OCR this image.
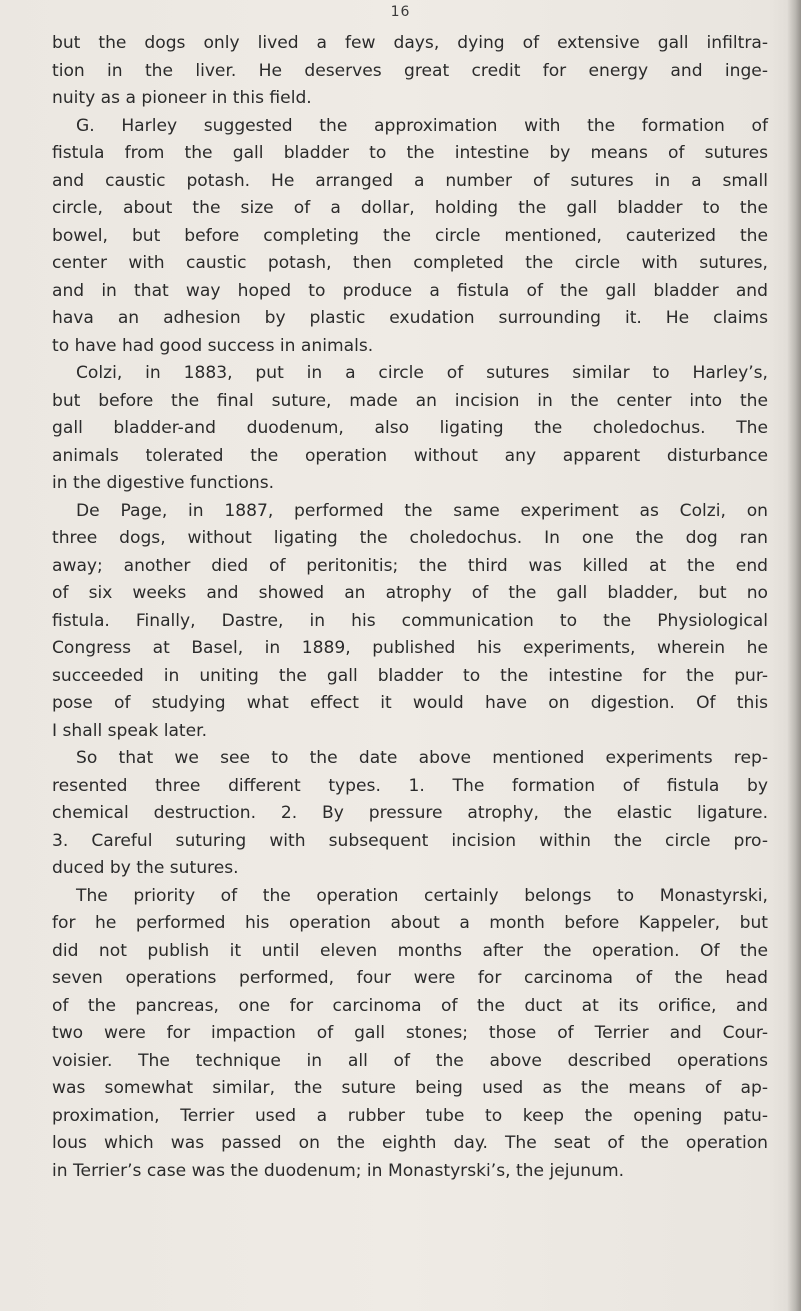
16
but the dogs only lived a few days, dying of extensive gall infiltra-
tion in the liver. He deserves great credit for energy and inge-
nuity as a pioneer in this field.
G. Harley suggested the approximation with the formation of
fistula from the gall bladder to the intestine by means of sutures
and caustic potash. He arranged a number of sutures in a small
circle, about the size of a dollar, holding the gall bladder to the
bowel, but before completing the circle mentioned, cauterized the
center with caustic potash, then completed the circle with sutures,
and in that way hoped to produce a fistula of the gall bladder and
hava an adhesion by plastic exudation surrounding it. He claims
to have had good success in animals.
Colzi, in 1883, put in a circle of sutures similar to Harley’s,
but before the final suture, made an incision in the center into the
gall bladder-and duodenum, also ligating the choledochus. The
animals tolerated the operation without any apparent disturbance
in the digestive functions.
De Page, in 1887, performed the same experiment as Colzi, on
three dogs, without ligating the choledochus. In one the dog ran
away; another died of peritonitis; the third was killed at the end
of six weeks and showed an atrophy of the gall bladder, but no
fistula. Finally, Dastre, in his communication to the Physiological
Congress at Basel, in 1889, published his experiments, wherein he
succeeded in uniting the gall bladder to the intestine for the pur-
pose of studying what effect it would have on digestion. Of this
I shall speak later.
So that we see to the date above mentioned experiments rep-
resented three different types. 1. The formation of fistula by
chemical destruction. 2. By pressure atrophy, the elastic ligature.
3. Careful suturing with subsequent incision within the circle pro-
duced by the sutures.
The priority of the operation certainly belongs to Monastyrski,
for he performed his operation about a month before Kappeler, but
did not publish it until eleven months after the operation. Of the
seven operations performed, four were for carcinoma of the head
of the pancreas, one for carcinoma of the duct at its orifice, and
two were for impaction of gall stones; those of Terrier and Cour-
voisier. The technique in all of the above described operations
was somewhat similar, the suture being used as the means of ap-
proximation, Terrier used a rubber tube to keep the opening patu-
lous which was passed on the eighth day. The seat of the operation
in Terrier’s case was the duodenum; in Monastyrski’s, the jejunum.
